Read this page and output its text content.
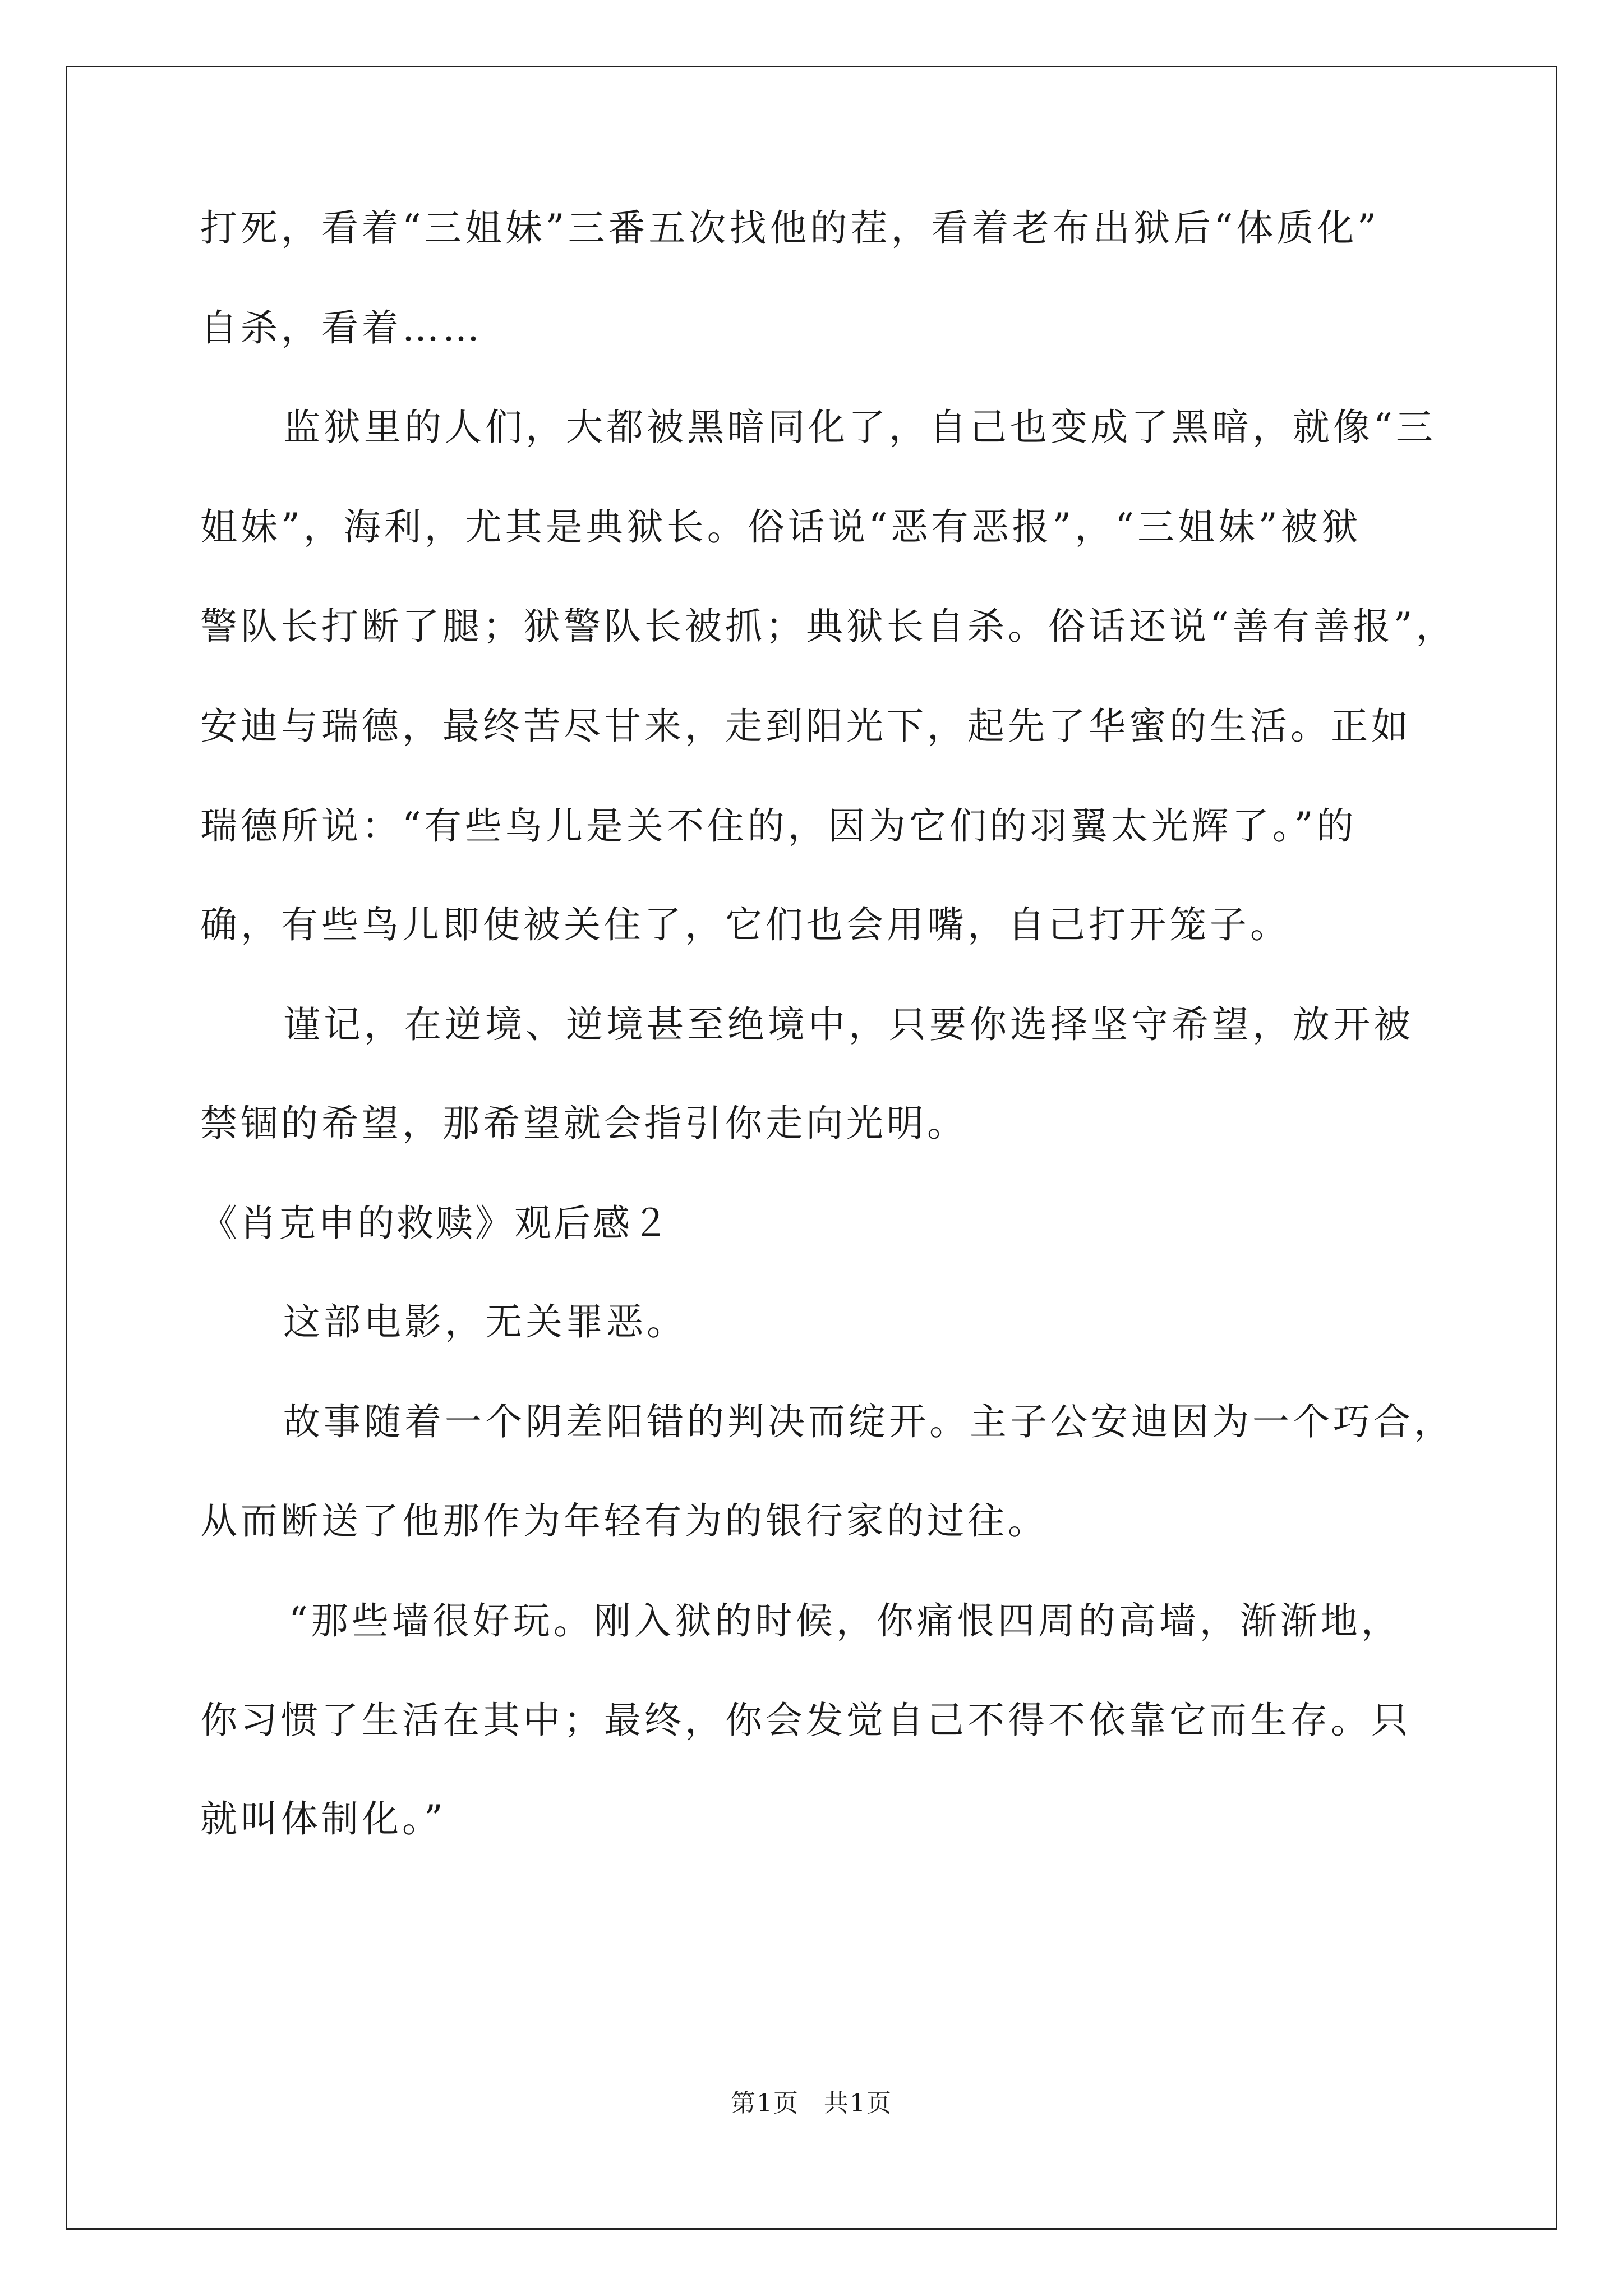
打死，看着“三姐妹”三番五次找他的茬，看着老布出狱后“体质化”
自杀，看着……
监狱里的人们，大都被黑暗同化了，自己也变成了黑暗，就像“三
姐妹”，海利，尤其是典狱长。俗话说“恶有恶报”，“三姐妹”被狱
警队长打断了腿；狱警队长被抓；典狱长自杀。俗话还说“善有善报”，
安迪与瑞德，最终苦尽甘来，走到阳光下，起先了华蜜的生活。正如
瑞德所说：“有些鸟儿是关不住的，因为它们的羽翼太光辉了。”的
确，有些鸟儿即使被关住了，它们也会用嘴，自己打开笼子。
谨记，在逆境、逆境甚至绝境中，只要你选择坚守希望，放开被
禁锢的希望，那希望就会指引你走向光明。
《肖克申的救赎》观后感２
这部电影，无关罪恶。
故事随着一个阴差阳错的判决而绽开。主子公安迪因为一个巧合，
从而断送了他那作为年轻有为的银行家的过往。
“那些墙很好玩。刚入狱的时候，你痛恨四周的高墙，渐渐地，
你习惯了生活在其中；最终，你会发觉自己不得不依靠它而生存。只
就叫体制化。”
第1页 共1页
